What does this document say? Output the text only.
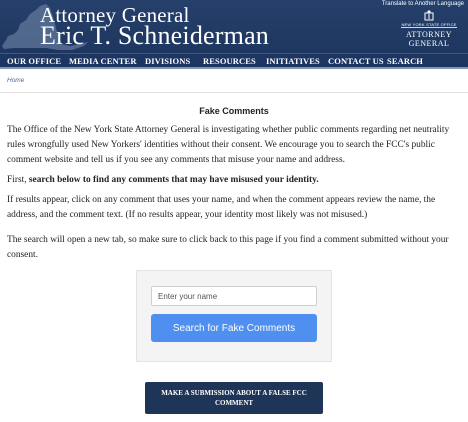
Attorney General
Eric T. Schneiderman
Translate to Another Language
NEW YORK STATE OFFICE
ATTORNEY
GENERAL
OUR OFFICE MEDIA CENTER DIVISIONS RESOURCES INITIATIVES CONTACT US SEARCH
Home
Fake Comments

The Office of the New York State Attorney General is investigating whether public comments regarding net neutrality rules wrongfully used New Yorkers' identities without their consent. We encourage you to search the FCC's public comment website and tell us if you see any comments that misuse your name and address.

First, search below to find any comments that may have misused your identity.

If results appear, click on any comment that uses your name, and when the comment appears review the name, the address, and the comment text. (If no results appear, your identity most likely was not misused.)

The search will open a new tab, so make sure to click back to this page if you find a comment submitted without your consent.

Enter your name
Search for Fake Comments
MAKE A SUBMISSION ABOUT A FALSE FCC COMMENT
